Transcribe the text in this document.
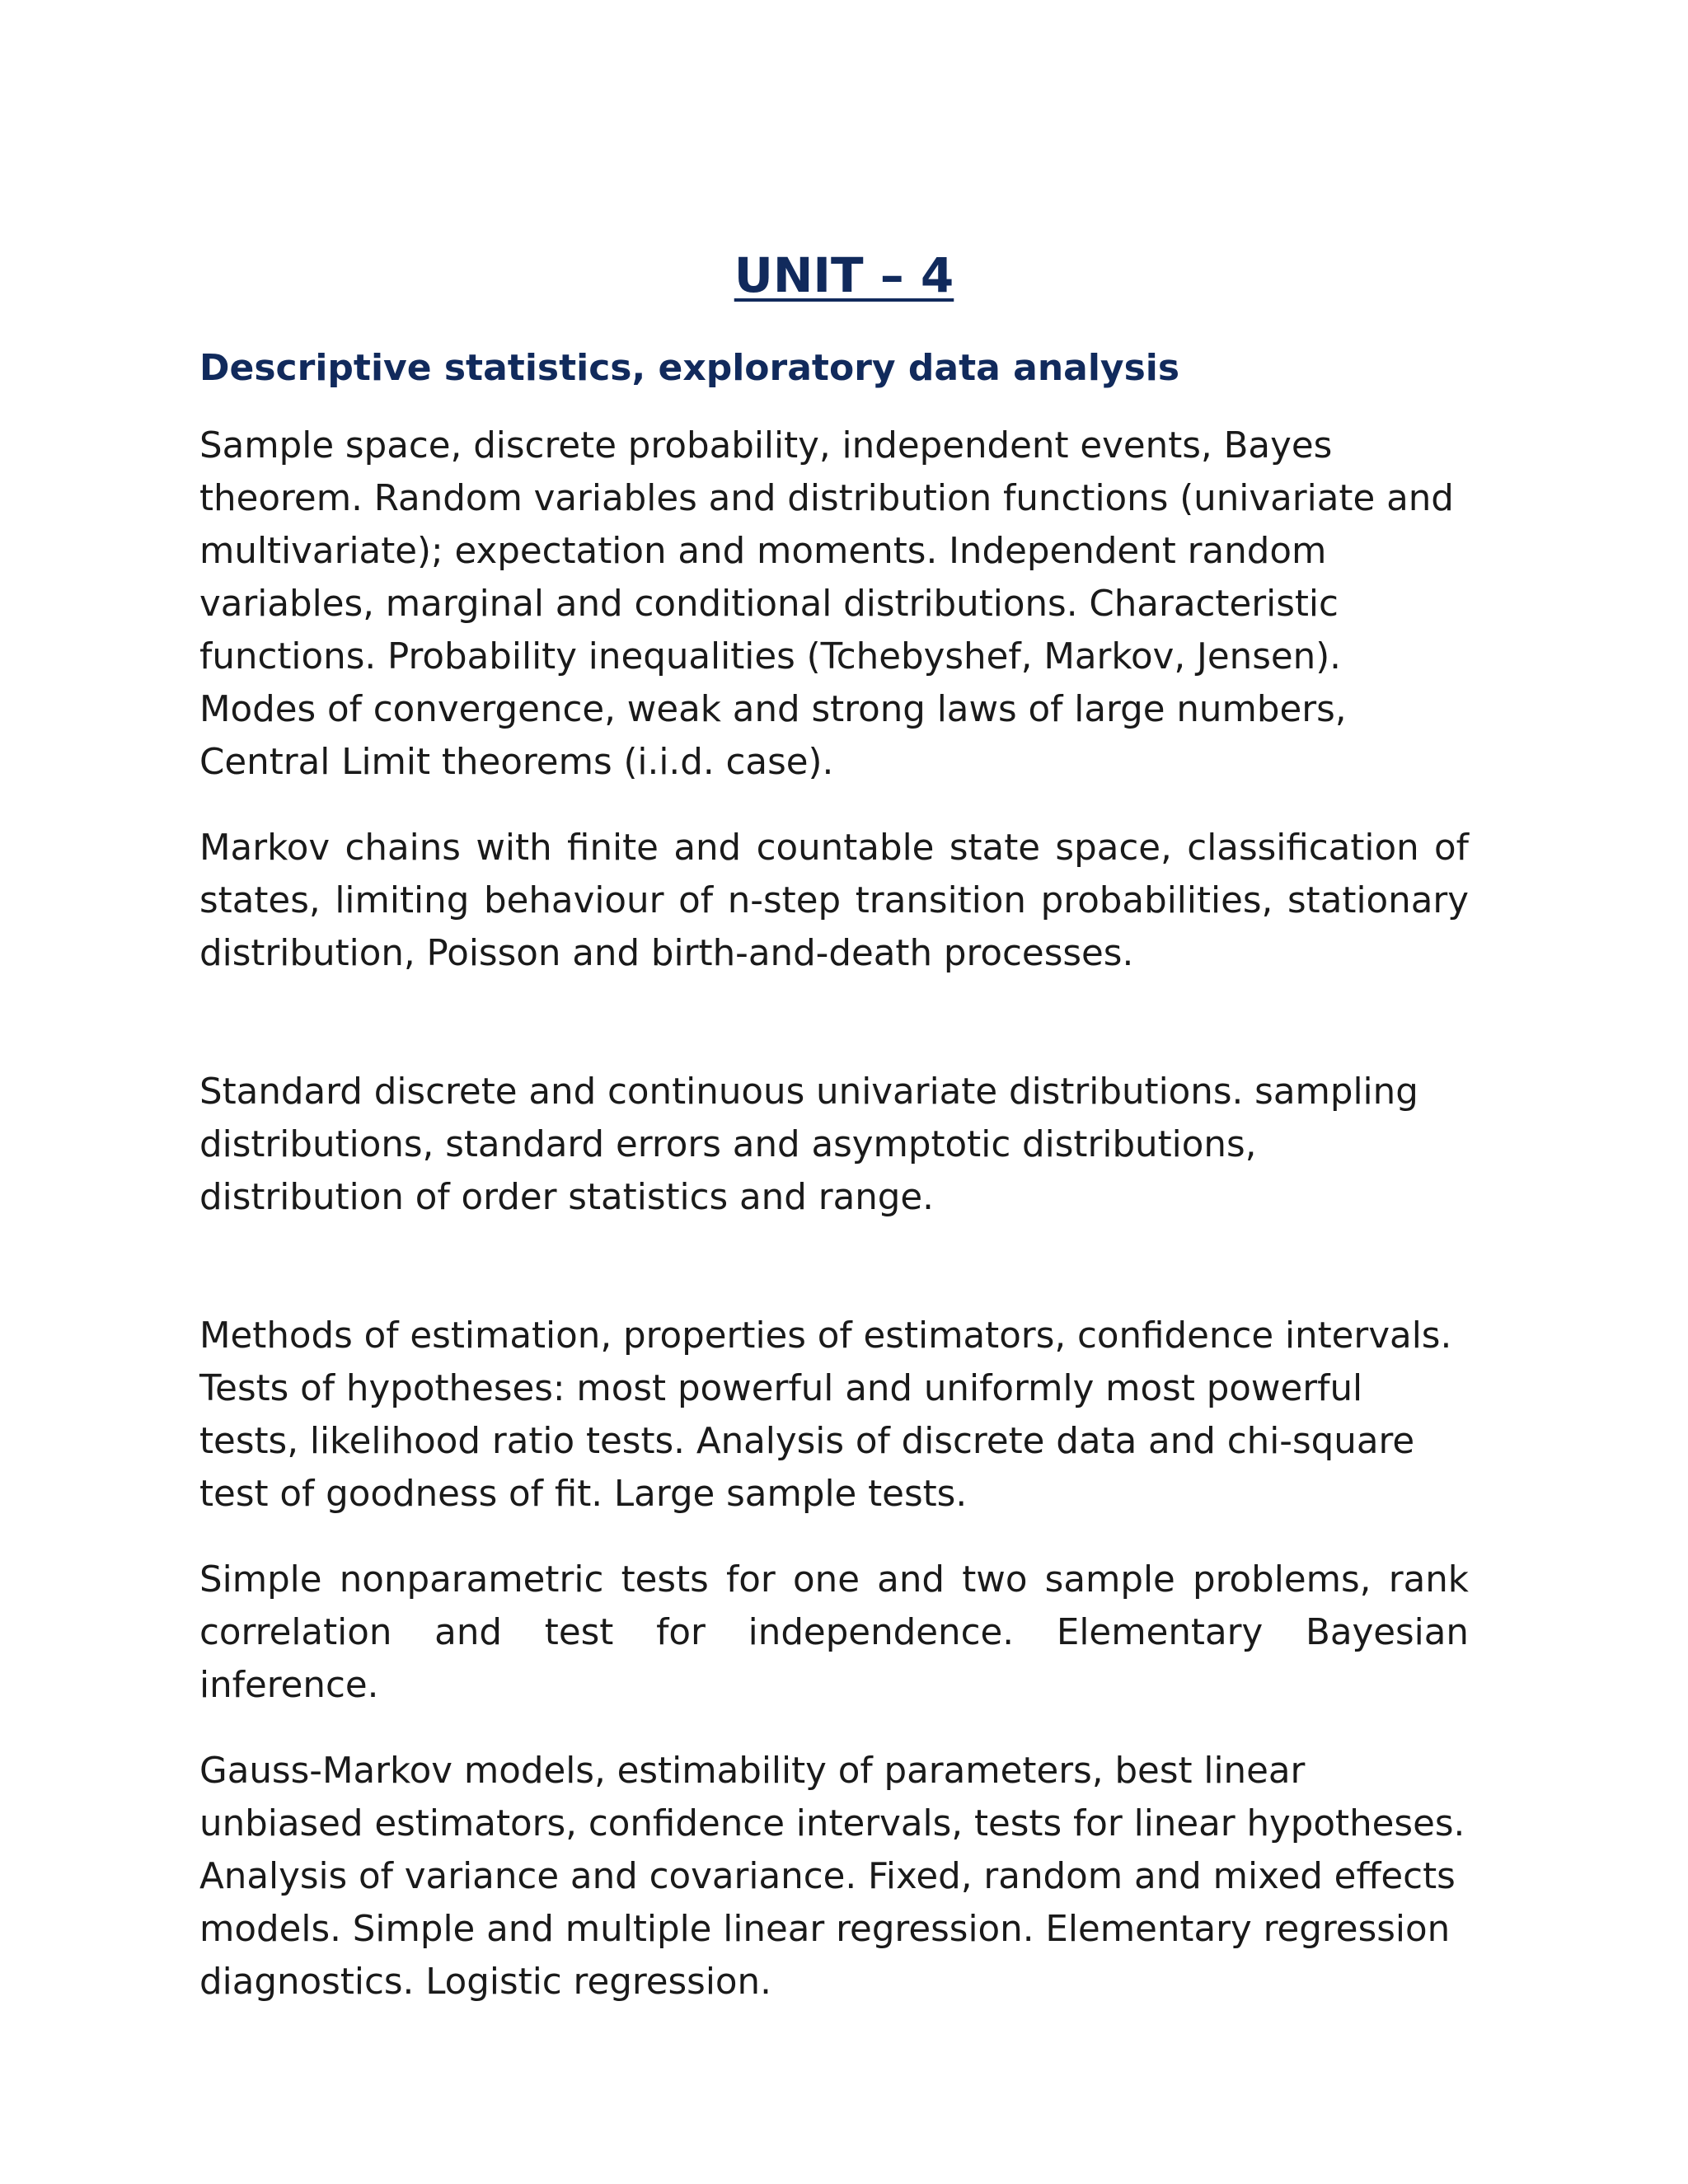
UNIT – 4
Descriptive statistics, exploratory data analysis

Sample space, discrete probability, independent events, Bayes theorem. Random variables and distribution functions (univariate and multivariate); expectation and moments. Independent random variables, marginal and conditional distributions. Characteristic functions. Probability inequalities (Tchebyshef, Markov, Jensen). Modes of convergence, weak and strong laws of large numbers, Central Limit theorems (i.i.d. case).

Markov chains with finite and countable state space, classification of states, limiting behaviour of n-step transition probabilities, stationary distribution, Poisson and birth-and-death processes.

Standard discrete and continuous univariate distributions. sampling distributions, standard errors and asymptotic distributions, distribution of order statistics and range.

Methods of estimation, properties of estimators, confidence intervals. Tests of hypotheses: most powerful and uniformly most powerful tests, likelihood ratio tests. Analysis of discrete data and chi-square test of goodness of fit. Large sample tests.

Simple nonparametric tests for one and two sample problems, rank correlation and test for independence. Elementary Bayesian inference.

Gauss-Markov models, estimability of parameters, best linear unbiased estimators, confidence intervals, tests for linear hypotheses. Analysis of variance and covariance. Fixed, random and mixed effects models. Simple and multiple linear regression. Elementary regression diagnostics. Logistic regression.
